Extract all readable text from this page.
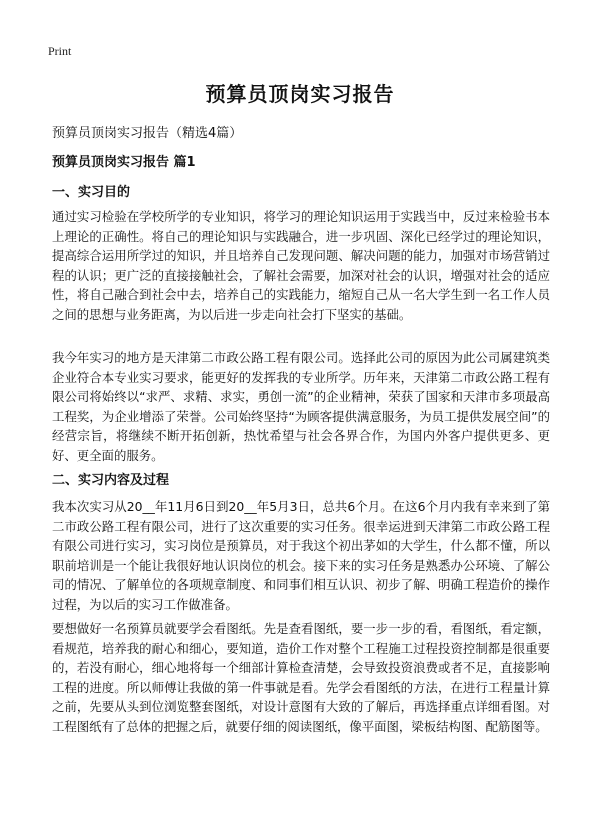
Print
预算员顶岗实习报告
预算员顶岗实习报告（精选4篇）
预算员顶岗实习报告 篇1
一、实习目的
通过实习检验在学校所学的专业知识，将学习的理论知识运用于实践当中，反过来检验书本上理论的正确性。将自己的理论知识与实践融合，进一步巩固、深化已经学过的理论知识，提高综合运用所学过的知识，并且培养自己发现问题、解决问题的能力，加强对市场营销过程的认识；更广泛的直接接触社会，了解社会需要，加深对社会的认识，增强对社会的适应性，将自己融合到社会中去，培养自己的实践能力，缩短自己从一名大学生到一名工作人员之间的思想与业务距离，为以后进一步走向社会打下坚实的基础。
我今年实习的地方是天津第二市政公路工程有限公司。选择此公司的原因为此公司属建筑类企业符合本专业实习要求，能更好的发挥我的专业所学。历年来，天津第二市政公路工程有限公司将始终以“求严、求精、求实，勇创一流”的企业精神，荣获了国家和天津市多项最高工程奖，为企业增添了荣誉。公司始终坚持“为顾客提供满意服务，为员工提供发展空间”的经营宗旨，将继续不断开拓创新，热忱希望与社会各界合作，为国内外客户提供更多、更好、更全面的服务。
二、实习内容及过程
我本次实习从20__年11月6日到20__年5月3日，总共6个月。在这6个月内我有幸来到了第二市政公路工程有限公司，进行了这次重要的实习任务。很幸运进到天津第二市政公路工程有限公司进行实习，实习岗位是预算员，对于我这个初出茅如的大学生，什么都不懂，所以职前培训是一个能让我很好地认识岗位的机会。接下来的实习任务是熟悉办公环境、了解公司的情况、了解单位的各项规章制度、和同事们相互认识、初步了解、明确工程造价的操作过程，为以后的实习工作做准备。
要想做好一名预算员就要学会看图纸。先是查看图纸，要一步一步的看，看图纸，看定额，看规范，培养我的耐心和细心，要知道，造价工作对整个工程施工过程投资控制都是很重要的，若没有耐心，细心地将每一个细部计算检查清楚，会导致投资浪费或者不足，直接影响工程的进度。所以师傅让我做的第一件事就是看。先学会看图纸的方法，在进行工程量计算之前，先要从头到位浏览整套图纸，对设计意图有大致的了解后，再选择重点详细看图。对工程图纸有了总体的把握之后，就要仔细的阅读图纸，像平面图，梁板结构图、配筋图等。
